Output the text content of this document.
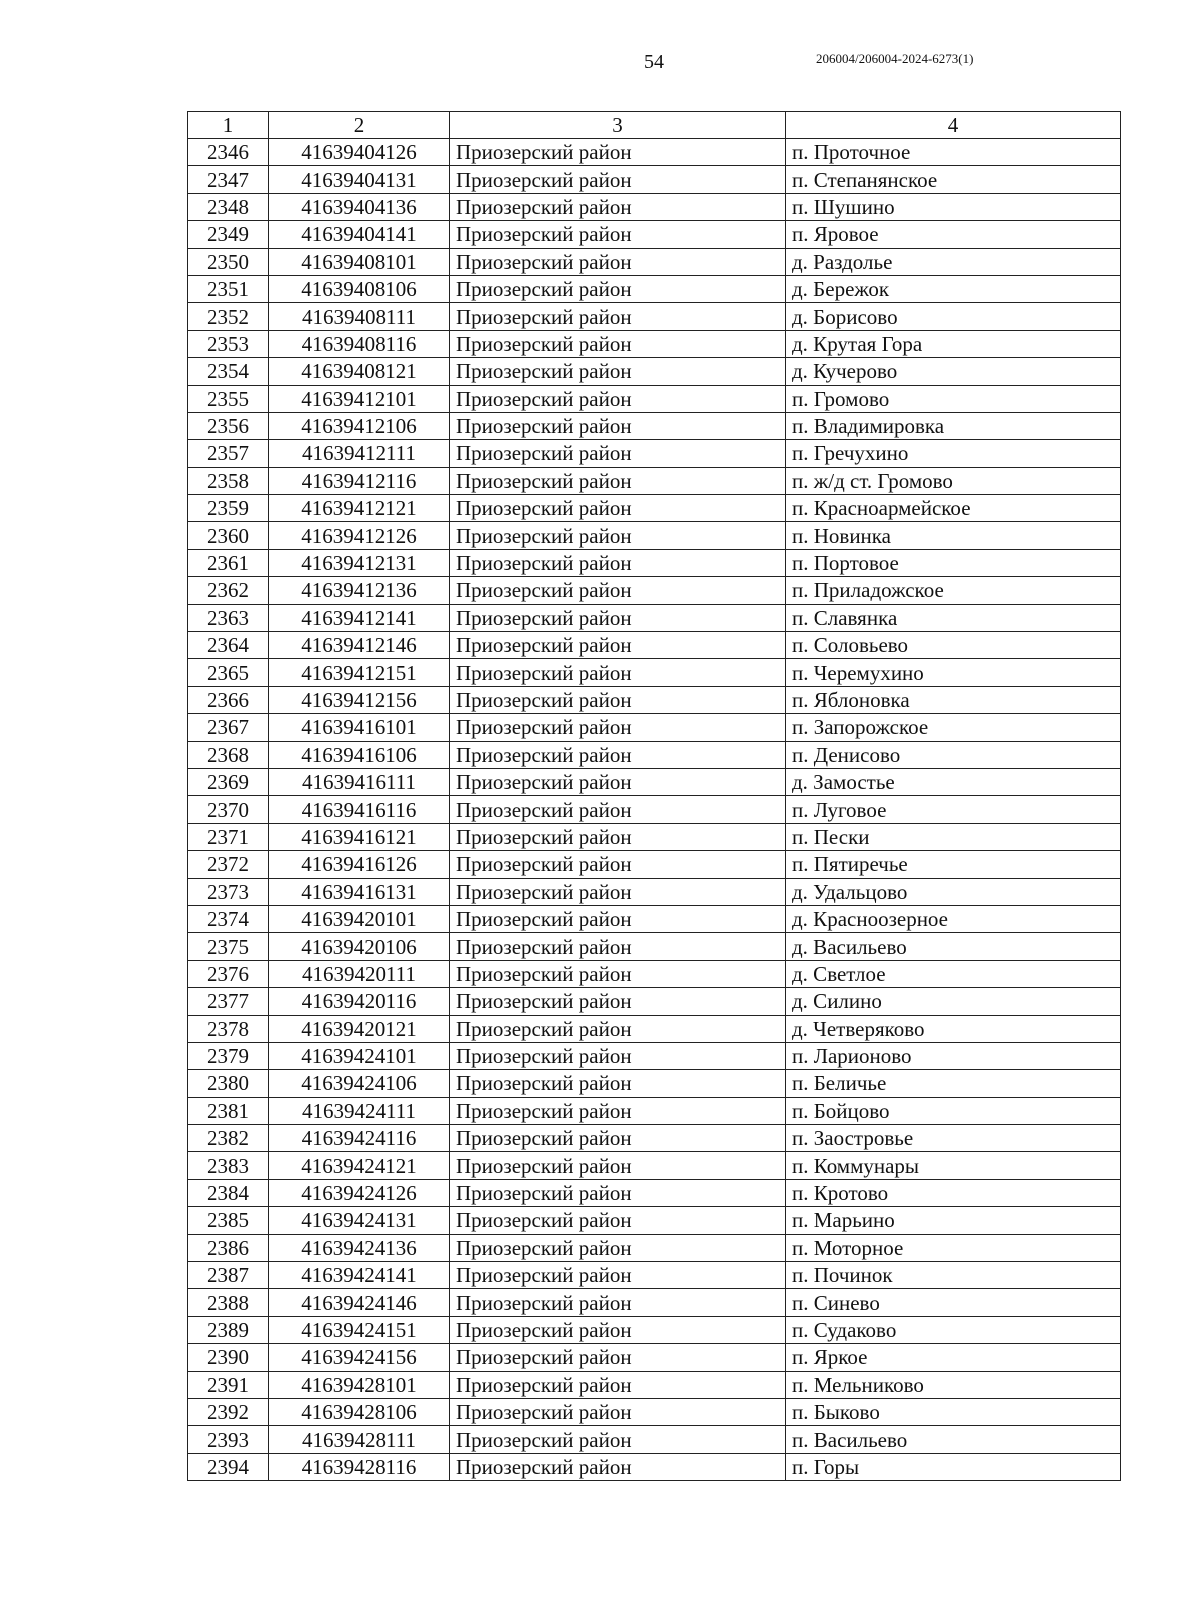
54	206004/206004-2024-6273(1)
1	2	3	4
2346	41639404126	Приозерский район	п. Проточное
2347	41639404131	Приозерский район	п. Степанянское
2348	41639404136	Приозерский район	п. Шушино
2349	41639404141	Приозерский район	п. Яровое
2350	41639408101	Приозерский район	д. Раздолье
2351	41639408106	Приозерский район	д. Бережок
2352	41639408111	Приозерский район	д. Борисово
2353	41639408116	Приозерский район	д. Крутая Гора
2354	41639408121	Приозерский район	д. Кучерово
2355	41639412101	Приозерский район	п. Громово
2356	41639412106	Приозерский район	п. Владимировка
2357	41639412111	Приозерский район	п. Гречухино
2358	41639412116	Приозерский район	п. ж/д ст. Громово
2359	41639412121	Приозерский район	п. Красноармейское
2360	41639412126	Приозерский район	п. Новинка
2361	41639412131	Приозерский район	п. Портовое
2362	41639412136	Приозерский район	п. Приладожское
2363	41639412141	Приозерский район	п. Славянка
2364	41639412146	Приозерский район	п. Соловьево
2365	41639412151	Приозерский район	п. Черемухино
2366	41639412156	Приозерский район	п. Яблоновка
2367	41639416101	Приозерский район	п. Запорожское
2368	41639416106	Приозерский район	п. Денисово
2369	41639416111	Приозерский район	д. Замостье
2370	41639416116	Приозерский район	п. Луговое
2371	41639416121	Приозерский район	п. Пески
2372	41639416126	Приозерский район	п. Пятиречье
2373	41639416131	Приозерский район	д. Удальцово
2374	41639420101	Приозерский район	д. Красноозерное
2375	41639420106	Приозерский район	д. Васильево
2376	41639420111	Приозерский район	д. Светлое
2377	41639420116	Приозерский район	д. Силино
2378	41639420121	Приозерский район	д. Четверяково
2379	41639424101	Приозерский район	п. Ларионово
2380	41639424106	Приозерский район	п. Беличье
2381	41639424111	Приозерский район	п. Бойцово
2382	41639424116	Приозерский район	п. Заостровье
2383	41639424121	Приозерский район	п. Коммунары
2384	41639424126	Приозерский район	п. Кротово
2385	41639424131	Приозерский район	п. Марьино
2386	41639424136	Приозерский район	п. Моторное
2387	41639424141	Приозерский район	п. Починок
2388	41639424146	Приозерский район	п. Синево
2389	41639424151	Приозерский район	п. Судаково
2390	41639424156	Приозерский район	п. Яркое
2391	41639428101	Приозерский район	п. Мельниково
2392	41639428106	Приозерский район	п. Быково
2393	41639428111	Приозерский район	п. Васильево
2394	41639428116	Приозерский район	п. Горы
